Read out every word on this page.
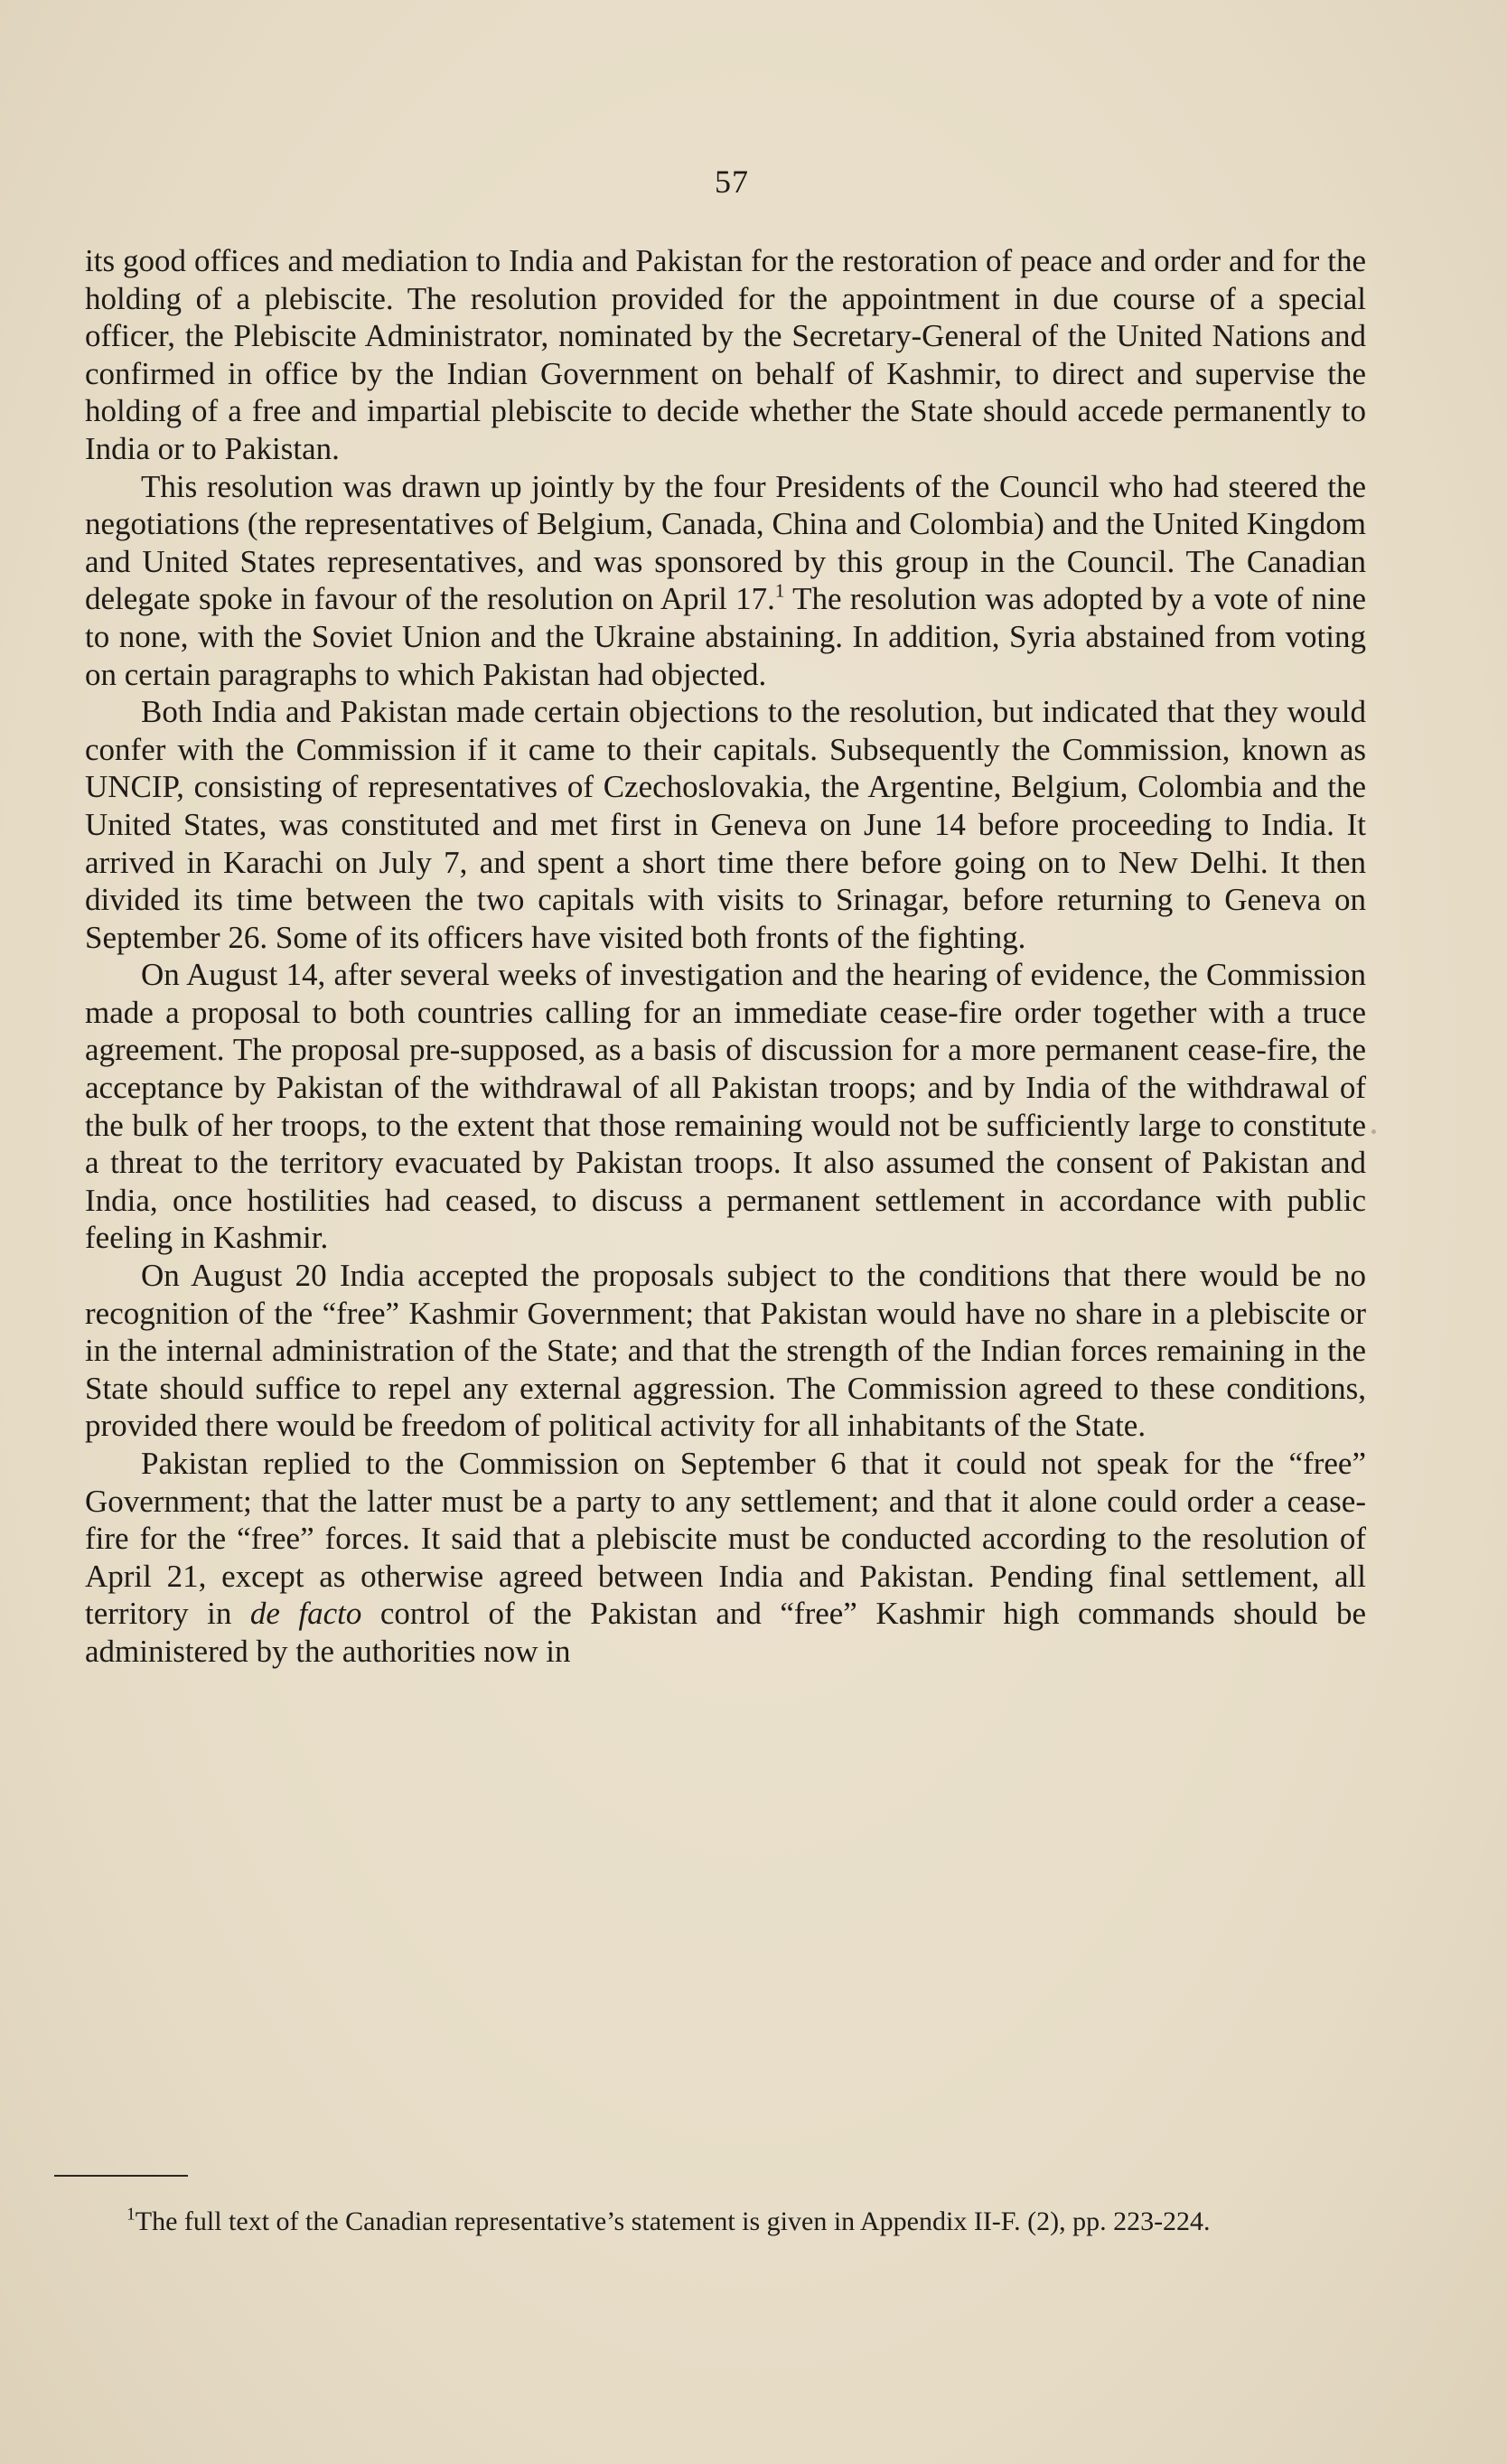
57

its good offices and mediation to India and Pakistan for the restoration of peace and order and for the holding of a plebiscite. The resolution provided for the appointment in due course of a special officer, the Plebiscite Administrator, nominated by the Secretary-General of the United Nations and confirmed in office by the Indian Government on behalf of Kashmir, to direct and supervise the holding of a free and impartial plebiscite to decide whether the State should accede permanently to India or to Pakistan.

This resolution was drawn up jointly by the four Presidents of the Council who had steered the negotiations (the representatives of Belgium, Canada, China and Colombia) and the United Kingdom and United States representatives, and was sponsored by this group in the Council. The Canadian delegate spoke in favour of the resolution on April 17.$^1$ The resolution was adopted by a vote of nine to none, with the Soviet Union and the Ukraine abstaining. In addition, Syria abstained from voting on certain paragraphs to which Pakistan had objected.

Both India and Pakistan made certain objections to the resolution, but indicated that they would confer with the Commission if it came to their capitals. Subsequently the Commission, known as UNCIP, consisting of representatives of Czechoslovakia, the Argentine, Belgium, Colombia and the United States, was constituted and met first in Geneva on June 14 before proceeding to India. It arrived in Karachi on July 7, and spent a short time there before going on to New Delhi. It then divided its time between the two capitals with visits to Srinagar, before returning to Geneva on September 26. Some of its officers have visited both fronts of the fighting.

On August 14, after several weeks of investigation and the hearing of evidence, the Commission made a proposal to both countries calling for an immediate cease-fire order together with a truce agreement. The proposal pre-supposed, as a basis of discussion for a more permanent cease-fire, the acceptance by Pakistan of the withdrawal of all Pakistan troops; and by India of the withdrawal of the bulk of her troops, to the extent that those remaining would not be sufficiently large to constitute a threat to the territory evacuated by Pakistan troops. It also assumed the consent of Pakistan and India, once hostilities had ceased, to discuss a permanent settlement in accordance with public feeling in Kashmir.

On August 20 India accepted the proposals subject to the conditions that there would be no recognition of the “free” Kashmir Government; that Pakistan would have no share in a plebiscite or in the internal administration of the State; and that the strength of the Indian forces remaining in the State should suffice to repel any external aggression. The Commission agreed to these conditions, provided there would be freedom of political activity for all inhabitants of the State.

Pakistan replied to the Commission on September 6 that it could not speak for the “free” Government; that the latter must be a party to any settlement; and that it alone could order a cease-fire for the “free” forces. It said that a plebiscite must be conducted according to the resolution of April 21, except as otherwise agreed between India and Pakistan. Pending final settlement, all territory in de facto control of the Pakistan and “free” Kashmir high commands should be administered by the authorities now in

$^1$The full text of the Canadian representative’s statement is given in Appendix II-F. (2), pp. 223-224.
